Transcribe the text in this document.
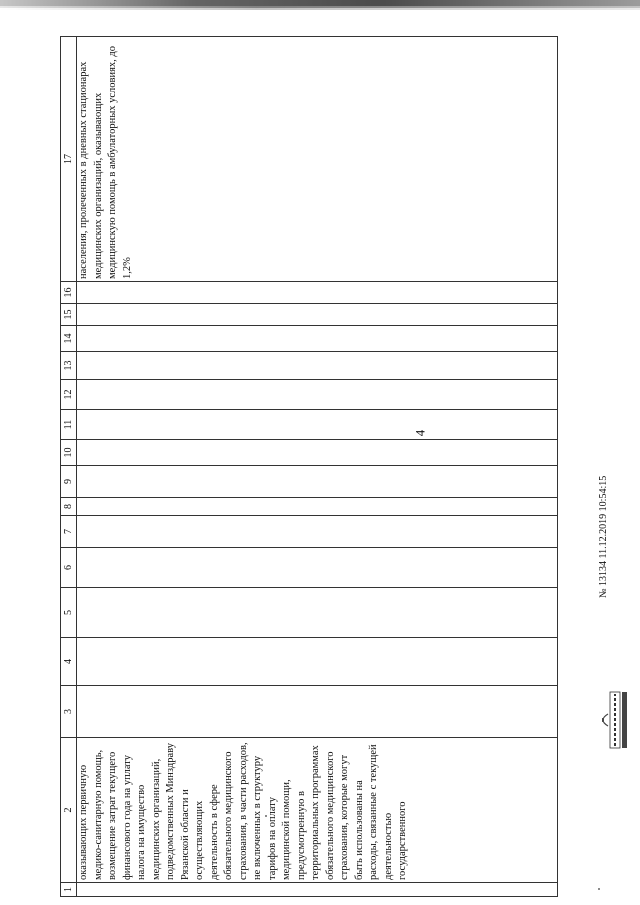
4
1	2	3	4	5	6	7	8	9	10	11	12	13	14	15	16	17
	оказывающих первичную медико-санитарную помощь, возмещение затрат текущего финансового года на уплату налога на имущество медицинских организаций, подведомственных Минздраву Рязанской области и осуществляющих деятельность в сфере обязательного медицинского страхования, в части расходов, не включенных в структуру тарифов на оплату медицинской помощи, предусмотренную в территориальных программах обязательного медицинского страхования, которые могут быть использованы на расходы, связанные с текущей деятельностью государственного															населения, пролеченных в дневных стационарах медицинских организаций, оказывающих медицинскую помощь в амбулаторных условиях, до 1,2%
№ 13134 11.12.2019 10:54:15
